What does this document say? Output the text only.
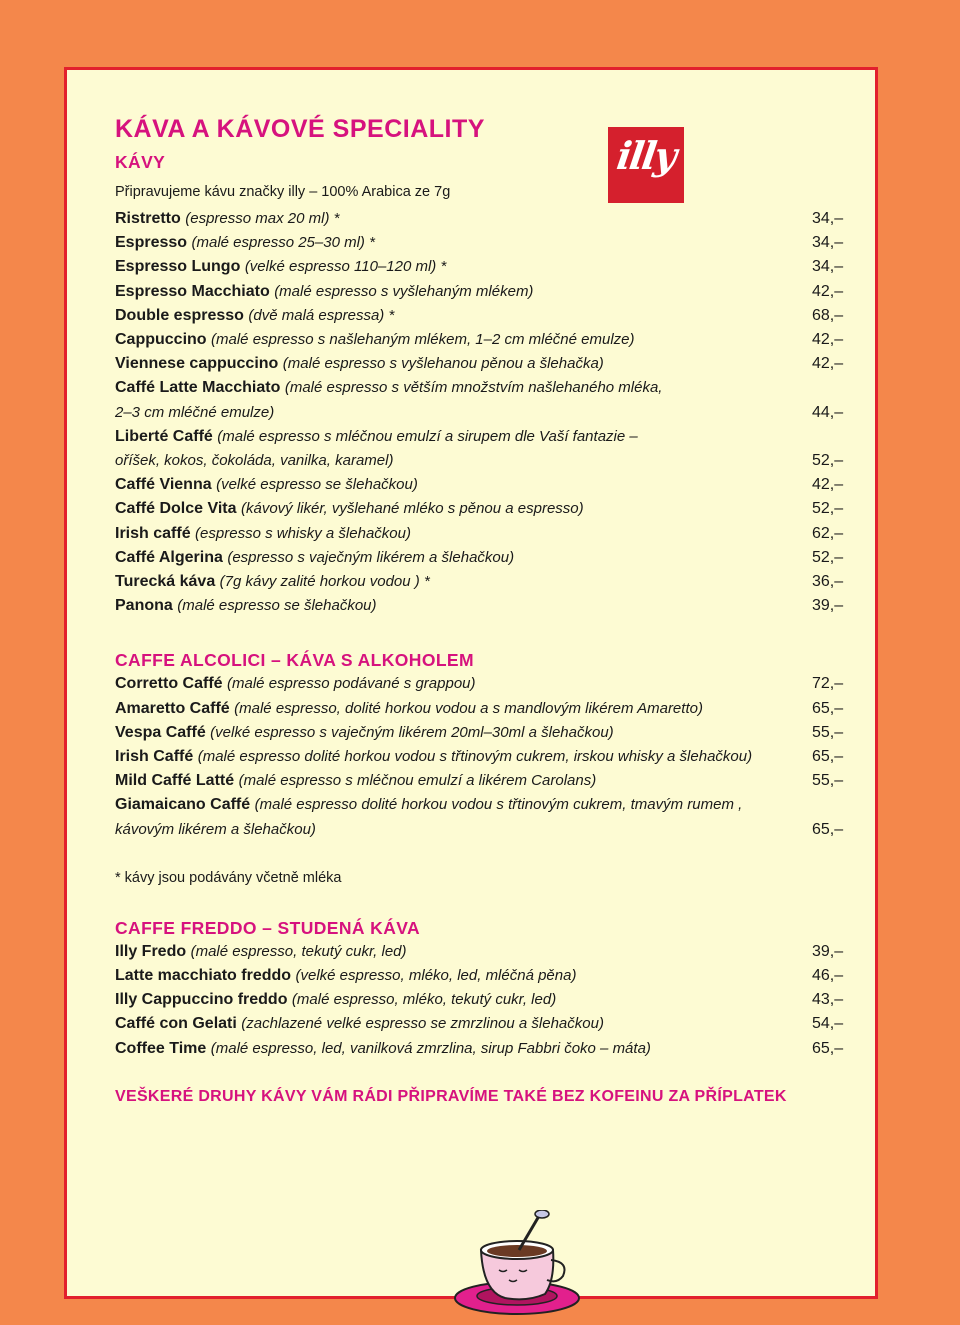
illy
KÁVA A KÁVOVÉ SPECIALITY
KÁVY
Připravujeme kávu značky illy – 100% Arabica ze 7g
Ristretto (espresso max 20 ml) *	34,–
Espresso (malé espresso 25–30 ml) *	34,–
Espresso Lungo (velké espresso 110–120 ml) *	34,–
Espresso Macchiato (malé espresso s vyšlehaným mlékem)	42,–
Double espresso (dvě malá espressa) *	68,–
Cappuccino (malé espresso s našlehaným mlékem, 1–2 cm mléčné emulze)	42,–
Viennese cappuccino (malé espresso s vyšlehanou pěnou a šlehačka)	42,–
Caffé Latte Macchiato (malé espresso s větším množstvím našlehaného mléka,
2–3 cm mléčné emulze)	44,–
Liberté Caffé (malé espresso s mléčnou emulzí a sirupem dle Vaší fantazie –
oříšek, kokos, čokoláda, vanilka, karamel)	52,–
Caffé Vienna (velké espresso se šlehačkou)	42,–
Caffé Dolce Vita (kávový likér, vyšlehané mléko s pěnou a espresso)	52,–
Irish caffé (espresso s whisky a šlehačkou)	62,–
Caffé Algerina (espresso s vaječným likérem a šlehačkou)	52,–
Turecká káva (7g kávy zalité horkou vodou ) *	36,–
Panona (malé espresso se šlehačkou)	39,–
CAFFE ALCOLICI – KÁVA S ALKOHOLEM
Corretto Caffé (malé espresso podávané s grappou)	72,–
Amaretto Caffé (malé espresso, dolité horkou vodou a s mandlovým likérem Amaretto)	65,–
Vespa Caffé (velké espresso s vaječným likérem 20ml–30ml a šlehačkou)	55,–
Irish Caffé (malé espresso dolité horkou vodou s třtinovým cukrem, irskou whisky a šlehačkou)	65,–
Mild Caffé Latté (malé espresso s mléčnou emulzí a likérem Carolans)	55,–
Giamaicano Caffé (malé espresso dolité horkou vodou s třtinovým cukrem, tmavým rumem ,
kávovým likérem a šlehačkou)	65,–
* kávy jsou podávány včetně mléka
CAFFE FREDDO – STUDENÁ KÁVA
Illy Fredo (malé espresso, tekutý cukr, led)	39,–
Latte macchiato freddo (velké espresso, mléko, led, mléčná pěna)	46,–
Illy Cappuccino freddo (malé espresso, mléko, tekutý cukr, led)	43,–
Caffé con Gelati (zachlazené velké espresso se zmrzlinou a šlehačkou)	54,–
Coffee Time (malé espresso, led, vanilková zmrzlina, sirup Fabbri čoko – máta)	65,–
VEŠKERÉ DRUHY KÁVY VÁM RÁDI PŘIPRAVÍME TAKÉ BEZ KOFEINU ZA PŘÍPLATEK
